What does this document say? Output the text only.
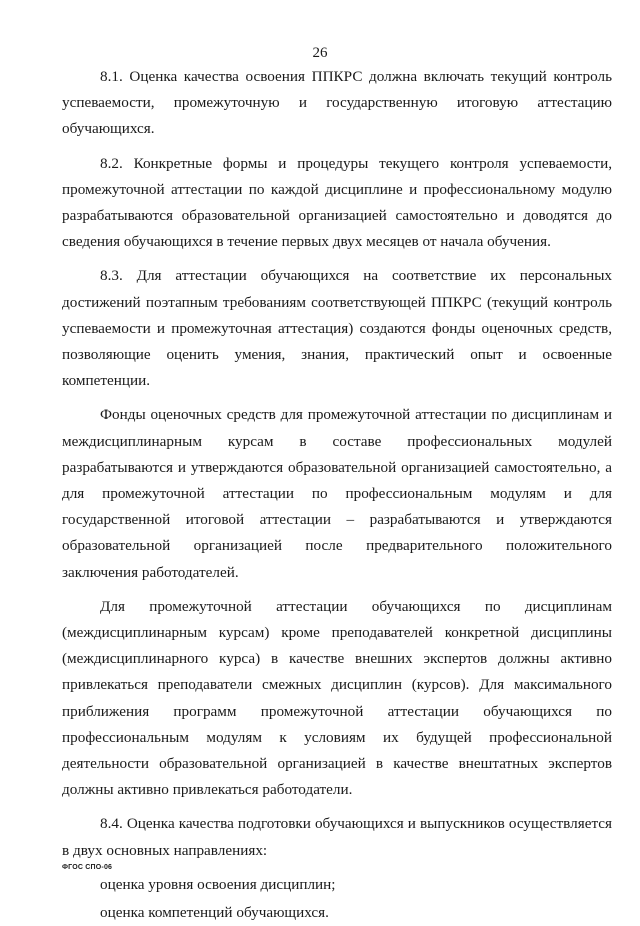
26

8.1. Оценка качества освоения ППКРС должна включать текущий контроль успеваемости, промежуточную и государственную итоговую аттестацию обучающихся.

8.2. Конкретные формы и процедуры текущего контроля успеваемости, промежуточной аттестации по каждой дисциплине и профессиональному модулю разрабатываются образовательной организацией самостоятельно и доводятся до сведения обучающихся в течение первых двух месяцев от начала обучения.

8.3. Для аттестации обучающихся на соответствие их персональных достижений поэтапным требованиям соответствующей ППКРС (текущий контроль успеваемости и промежуточная аттестация) создаются фонды оценочных средств, позволяющие оценить умения, знания, практический опыт и освоенные компетенции.

Фонды оценочных средств для промежуточной аттестации по дисциплинам и междисциплинарным курсам в составе профессиональных модулей разрабатываются и утверждаются образовательной организацией самостоятельно, а для промежуточной аттестации по профессиональным модулям и для государственной итоговой аттестации – разрабатываются и утверждаются образовательной организацией после предварительного положительного заключения работодателей.

Для промежуточной аттестации обучающихся по дисциплинам (междисциплинарным курсам) кроме преподавателей конкретной дисциплины (междисциплинарного курса) в качестве внешних экспертов должны активно привлекаться преподаватели смежных дисциплин (курсов). Для максимального приближения программ промежуточной аттестации обучающихся по профессиональным модулям к условиям их будущей профессиональной деятельности образовательной организацией в качестве внештатных экспертов должны активно привлекаться работодатели.

8.4. Оценка качества подготовки обучающихся и выпускников осуществляется в двух основных направлениях:

оценка уровня освоения дисциплин;

оценка компетенций обучающихся.

ФГОС СПО-06
